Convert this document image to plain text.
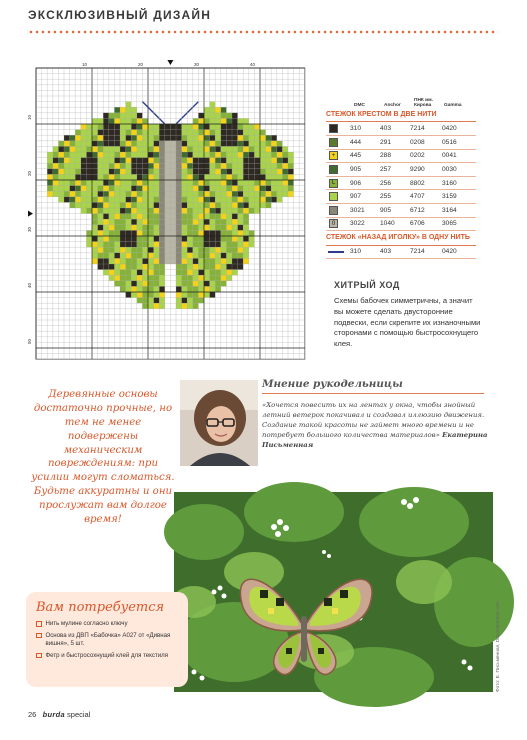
ЭКСКЛЮЗИВНЫЙ ДИЗАЙН
10	20	30	40
10
20
30
40
50
DMC	Anchor
ПНК им. Кирова	Gamma
СТЕЖОК КРЕСТОМ В ДВЕ НИТИ
310	403	7214	0420
444	291	0208	0516
+	445	288	0202	0041
905	257	9290	0030
L	906	256	8802	3160
907	255	4707	3159
3021	905	6712	3164
0	3022	1040	6706	3065
СТЕЖОК «НАЗАД ИГОЛКУ» В ОДНУ НИТЬ
310	403	7214	0420
ХИТРЫЙ ХОД
Схемы бабочек симметричны, а значит вы можете сделать двусторонние подвески, если скрепите их изнаночными сторонами с помощью быстросохнущего клея.
Деревянные основы достаточно прочные, но тем не менее подвержены механическим повреждениям: при усилии могут сломаться. Будьте аккуратны и они прослужат вам долгое время!
Мнение рукодельницы
«Хочется повесить их на лентах у окна, чтобы знойный летний ветерок покачивал и создавал иллюзию движения. Создание такой красоты не займет много времени и не потребует большого количества материалов» Екатерина Письменная
Фото: Е. Письменная, Depositphotos.com
Вам потребуется
Нить мулине согласно ключу
Основа из ДВП «Бабочка» А027 от «Дивная вишня», 5 шт.
Фетр и быстросохнущий клей для текстиля
26 burda special
